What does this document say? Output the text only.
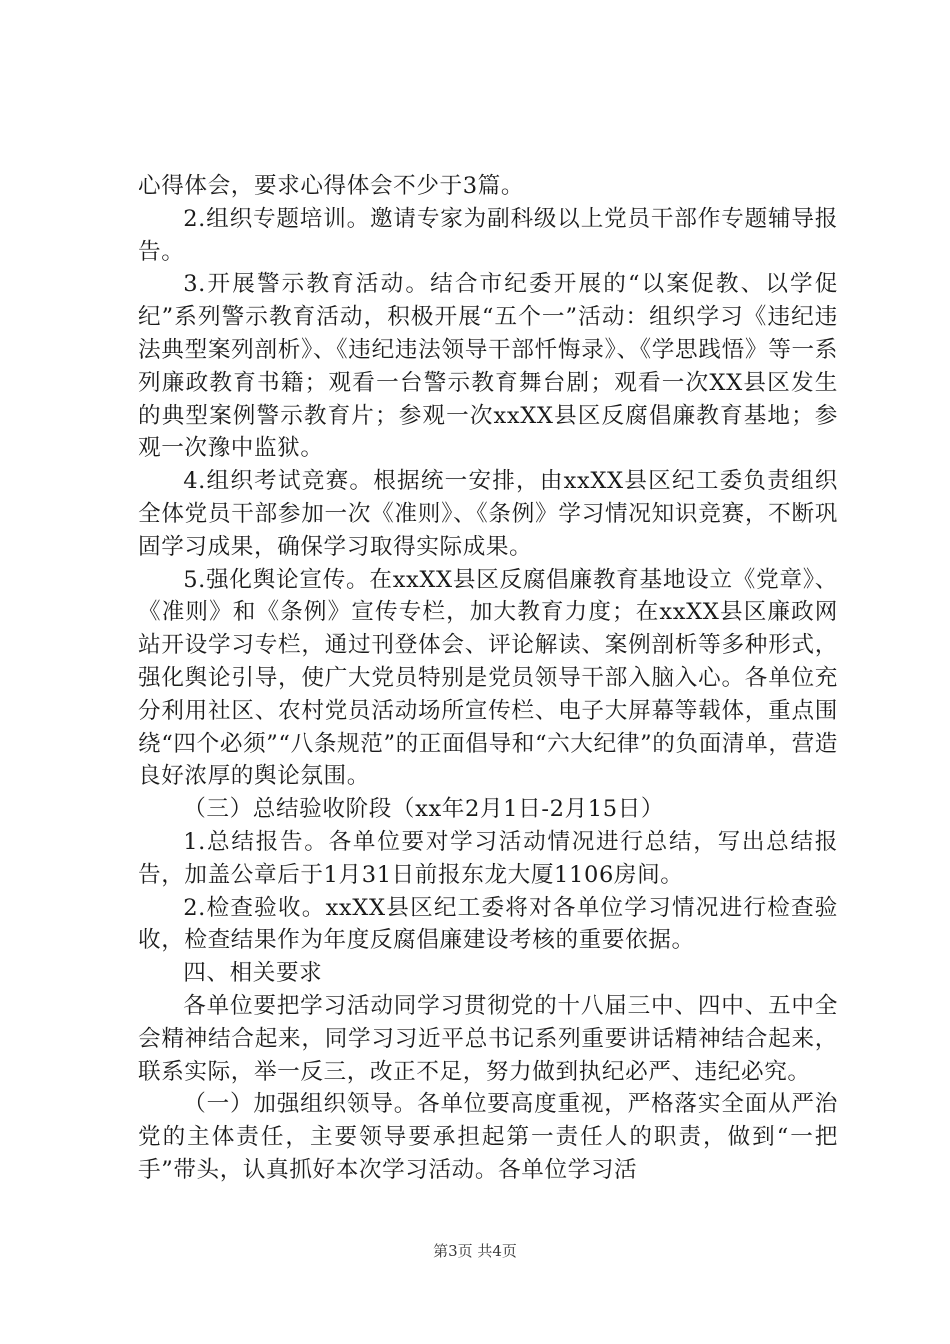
心得体会，要求心得体会不少于3篇。

2.组织专题培训。邀请专家为副科级以上党员干部作专题辅导报告。

3.开展警示教育活动。结合市纪委开展的“以案促教、以学促纪”系列警示教育活动，积极开展“五个一”活动：组织学习《违纪违法典型案列剖析》、《违纪违法领导干部忏悔录》、《学思践悟》等一系列廉政教育书籍；观看一台警示教育舞台剧；观看一次XX县区发生的典型案例警示教育片；参观一次xxXX县区反腐倡廉教育基地；参观一次豫中监狱。

4.组织考试竞赛。根据统一安排，由xxXX县区纪工委负责组织全体党员干部参加一次《准则》、《条例》学习情况知识竞赛，不断巩固学习成果，确保学习取得实际成果。

5.强化舆论宣传。在xxXX县区反腐倡廉教育基地设立《党章》、《准则》和《条例》宣传专栏，加大教育力度；在xxXX县区廉政网站开设学习专栏，通过刊登体会、评论解读、案例剖析等多种形式，强化舆论引导，使广大党员特别是党员领导干部入脑入心。各单位充分利用社区、农村党员活动场所宣传栏、电子大屏幕等载体，重点围绕“四个必须”“八条规范”的正面倡导和“六大纪律”的负面清单，营造良好浓厚的舆论氛围。

（三）总结验收阶段（xx年2月1日-2月15日）

1.总结报告。各单位要对学习活动情况进行总结，写出总结报告，加盖公章后于1月31日前报东龙大厦1106房间。

2.检查验收。xxXX县区纪工委将对各单位学习情况进行检查验收，检查结果作为年度反腐倡廉建设考核的重要依据。

四、相关要求

各单位要把学习活动同学习贯彻党的十八届三中、四中、五中全会精神结合起来，同学习习近平总书记系列重要讲话精神结合起来，联系实际，举一反三，改正不足，努力做到执纪必严、违纪必究。

（一）加强组织领导。各单位要高度重视，严格落实全面从严治党的主体责任，主要领导要承担起第一责任人的职责，做到“一把手”带头，认真抓好本次学习活动。各单位学习活

第3页 共4页
